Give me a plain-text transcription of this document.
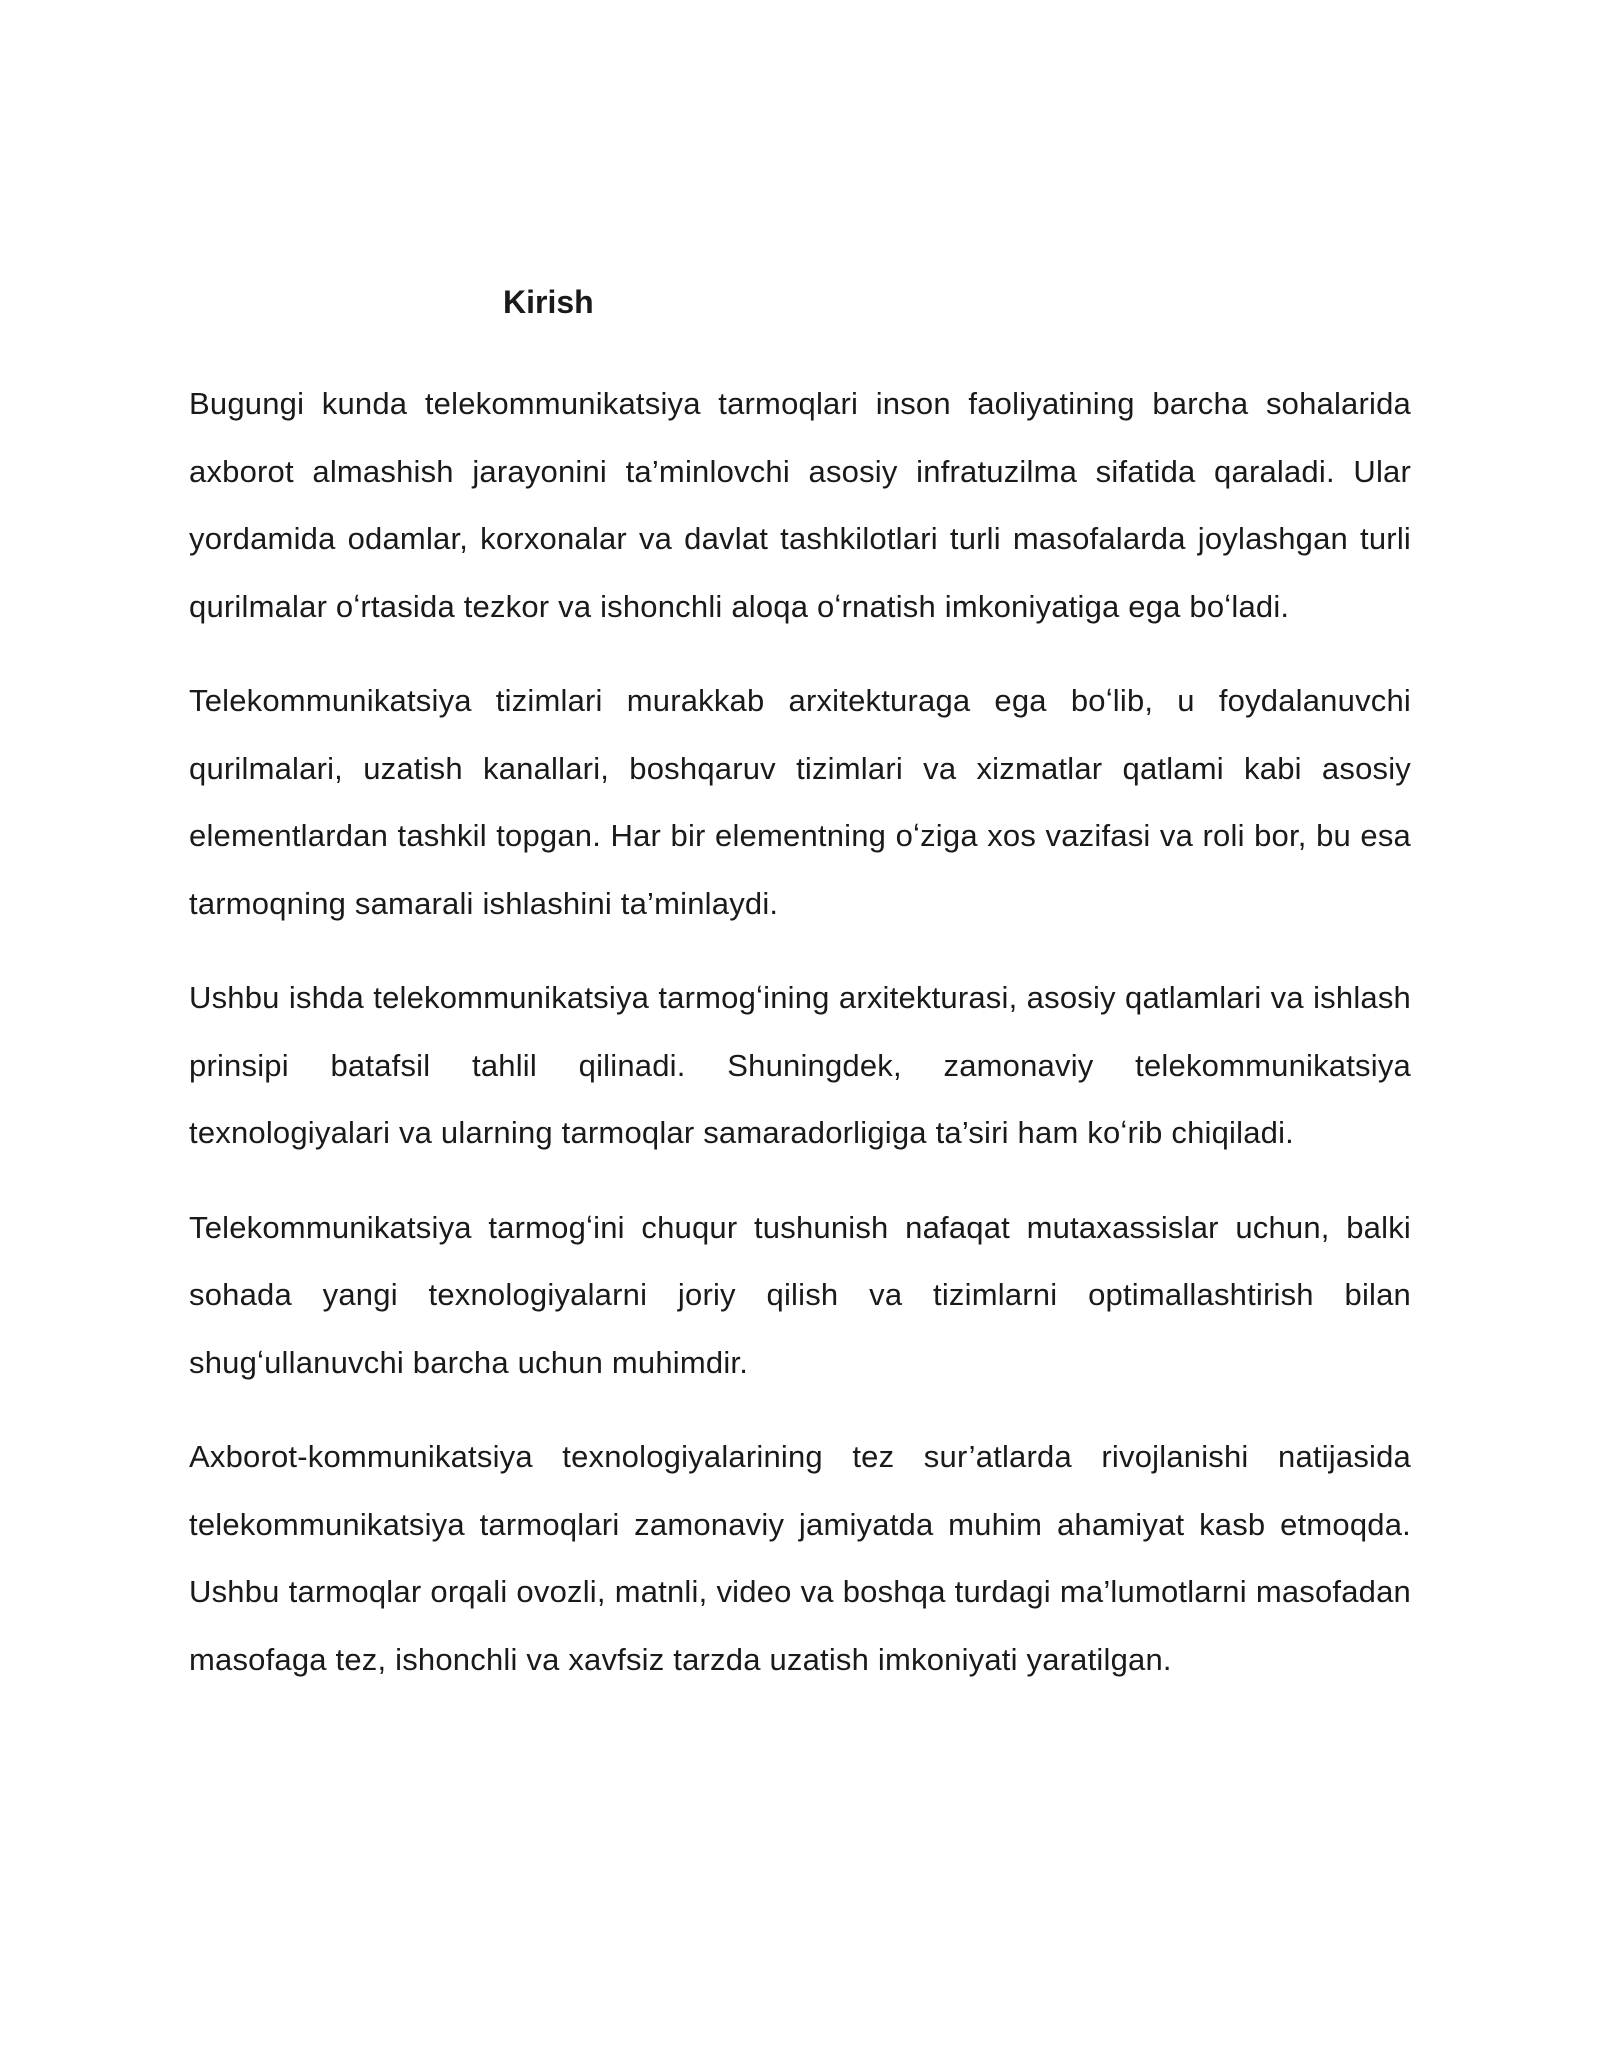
Kirish

Bugungi kunda telekommunikatsiya tarmoqlari inson faoliyatining barcha sohalarida axborot almashish jarayonini ta’minlovchi asosiy infratuzilma sifatida qaraladi. Ular yordamida odamlar, korxonalar va davlat tashkilotlari turli masofalarda joylashgan turli qurilmalar oʻrtasida tezkor va ishonchli aloqa oʻrnatish imkoniyatiga ega boʻladi.

Telekommunikatsiya tizimlari murakkab arxitekturaga ega boʻlib, u foydalanuvchi qurilmalari, uzatish kanallari, boshqaruv tizimlari va xizmatlar qatlami kabi asosiy elementlardan tashkil topgan. Har bir elementning oʻziga xos vazifasi va roli bor, bu esa tarmoqning samarali ishlashini ta’minlaydi.

Ushbu ishda telekommunikatsiya tarmogʻining arxitekturasi, asosiy qatlamlari va ishlash prinsipi batafsil tahlil qilinadi. Shuningdek, zamonaviy telekommunikatsiya texnologiyalari va ularning tarmoqlar samaradorligiga ta’siri ham koʻrib chiqiladi.

Telekommunikatsiya tarmogʻini chuqur tushunish nafaqat mutaxassislar uchun, balki sohada yangi texnologiyalarni joriy qilish va tizimlarni optimallashtirish bilan shugʻullanuvchi barcha uchun muhimdir.

Axborot-kommunikatsiya texnologiyalarining tez sur’atlarda rivojlanishi natijasida telekommunikatsiya tarmoqlari zamonaviy jamiyatda muhim ahamiyat kasb etmoqda. Ushbu tarmoqlar orqali ovozli, matnli, video va boshqa turdagi ma’lumotlarni masofadan masofaga tez, ishonchli va xavfsiz tarzda uzatish imkoniyati yaratilgan.
